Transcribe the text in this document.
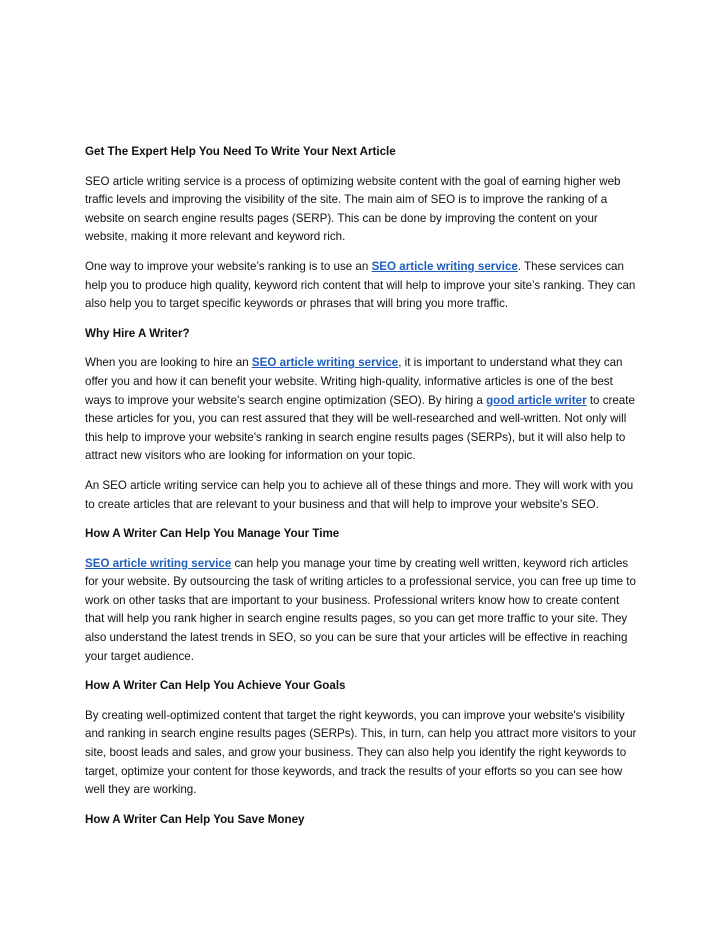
Get The Expert Help You Need To Write Your Next Article

SEO article writing service is a process of optimizing website content with the goal of earning higher web traffic levels and improving the visibility of the site. The main aim of SEO is to improve the ranking of a website on search engine results pages (SERP). This can be done by improving the content on your website, making it more relevant and keyword rich.

One way to improve your website’s ranking is to use an SEO article writing service. These services can help you to produce high quality, keyword rich content that will help to improve your site’s ranking. They can also help you to target specific keywords or phrases that will bring you more traffic.

Why Hire A Writer?

When you are looking to hire an SEO article writing service, it is important to understand what they can offer you and how it can benefit your website. Writing high-quality, informative articles is one of the best ways to improve your website's search engine optimization (SEO). By hiring a good article writer to create these articles for you, you can rest assured that they will be well-researched and well-written. Not only will this help to improve your website's ranking in search engine results pages (SERPs), but it will also help to attract new visitors who are looking for information on your topic.

An SEO article writing service can help you to achieve all of these things and more. They will work with you to create articles that are relevant to your business and that will help to improve your website's SEO.

How A Writer Can Help You Manage Your Time

SEO article writing service can help you manage your time by creating well written, keyword rich articles for your website. By outsourcing the task of writing articles to a professional service, you can free up time to work on other tasks that are important to your business. Professional writers know how to create content that will help you rank higher in search engine results pages, so you can get more traffic to your site. They also understand the latest trends in SEO, so you can be sure that your articles will be effective in reaching your target audience.

How A Writer Can Help You Achieve Your Goals

By creating well-optimized content that target the right keywords, you can improve your website's visibility and ranking in search engine results pages (SERPs). This, in turn, can help you attract more visitors to your site, boost leads and sales, and grow your business. They can also help you identify the right keywords to target, optimize your content for those keywords, and track the results of your efforts so you can see how well they are working.

How A Writer Can Help You Save Money
